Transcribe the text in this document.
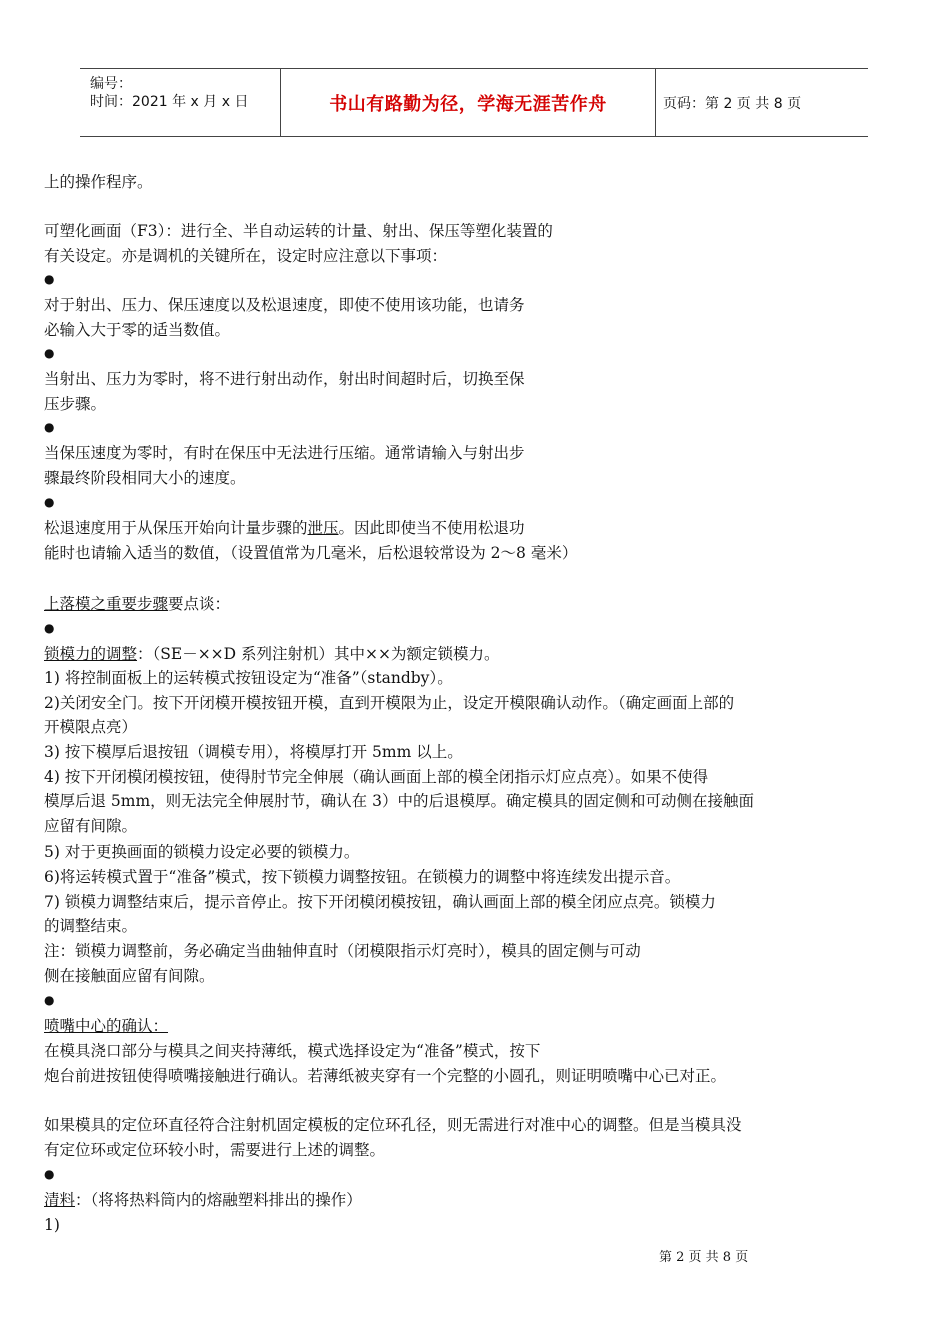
编号：
时间：2021 年 x 月 x 日	书山有路勤为径，学海无涯苦作舟	页码：第 2 页 共 8 页
上的操作程序。
可塑化画面（F3）：进行全、半自动运转的计量、射出、保压等塑化装置的
有关设定。亦是调机的关键所在，设定时应注意以下事项：
●
对于射出、压力、保压速度以及松退速度，即使不使用该功能，也请务
必输入大于零的适当数值。
●
当射出、压力为零时，将不进行射出动作，射出时间超时后，切换至保
压步骤。
●
当保压速度为零时，有时在保压中无法进行压缩。通常请输入与射出步
骤最终阶段相同大小的速度。
●
松退速度用于从保压开始向计量步骤的泄压。因此即使当不使用松退功
能时也请输入适当的数值，（设置值常为几毫米，后松退较常设为 2～8 毫米）
上落模之重要步骤要点谈：
●
锁模力的调整：（SE－××D 系列注射机）其中××为额定锁模力。
1) 将控制面板上的运转模式按钮设定为“准备”（standby）。
2)关闭安全门。按下开闭模开模按钮开模，直到开模限为止，设定开模限确认动作。（确定画面上部的
开模限点亮）
3) 按下模厚后退按钮（调模专用），将模厚打开 5mm 以上。
4) 按下开闭模闭模按钮，使得肘节完全伸展（确认画面上部的模全闭指示灯应点亮）。如果不使得
模厚后退 5mm，则无法完全伸展肘节，确认在 3）中的后退模厚。确定模具的固定侧和可动侧在接触面
应留有间隙。
5) 对于更换画面的锁模力设定必要的锁模力。
6)将运转模式置于“准备”模式，按下锁模力调整按钮。在锁模力的调整中将连续发出提示音。
7) 锁模力调整结束后，提示音停止。按下开闭模闭模按钮，确认画面上部的模全闭应点亮。锁模力
的调整结束。
注：锁模力调整前，务必确定当曲轴伸直时（闭模限指示灯亮时），模具的固定侧与可动
侧在接触面应留有间隙。
●
喷嘴中心的确认：
在模具浇口部分与模具之间夹持薄纸，模式选择设定为“准备”模式，按下
炮台前进按钮使得喷嘴接触进行确认。若薄纸被夹穿有一个完整的小圆孔，则证明喷嘴中心已对正。
如果模具的定位环直径符合注射机固定模板的定位环孔径，则无需进行对准中心的调整。但是当模具没
有定位环或定位环较小时，需要进行上述的调整。
●
清料：（将将热料筒内的熔融塑料排出的操作）
1)
第 2 页 共 8 页
